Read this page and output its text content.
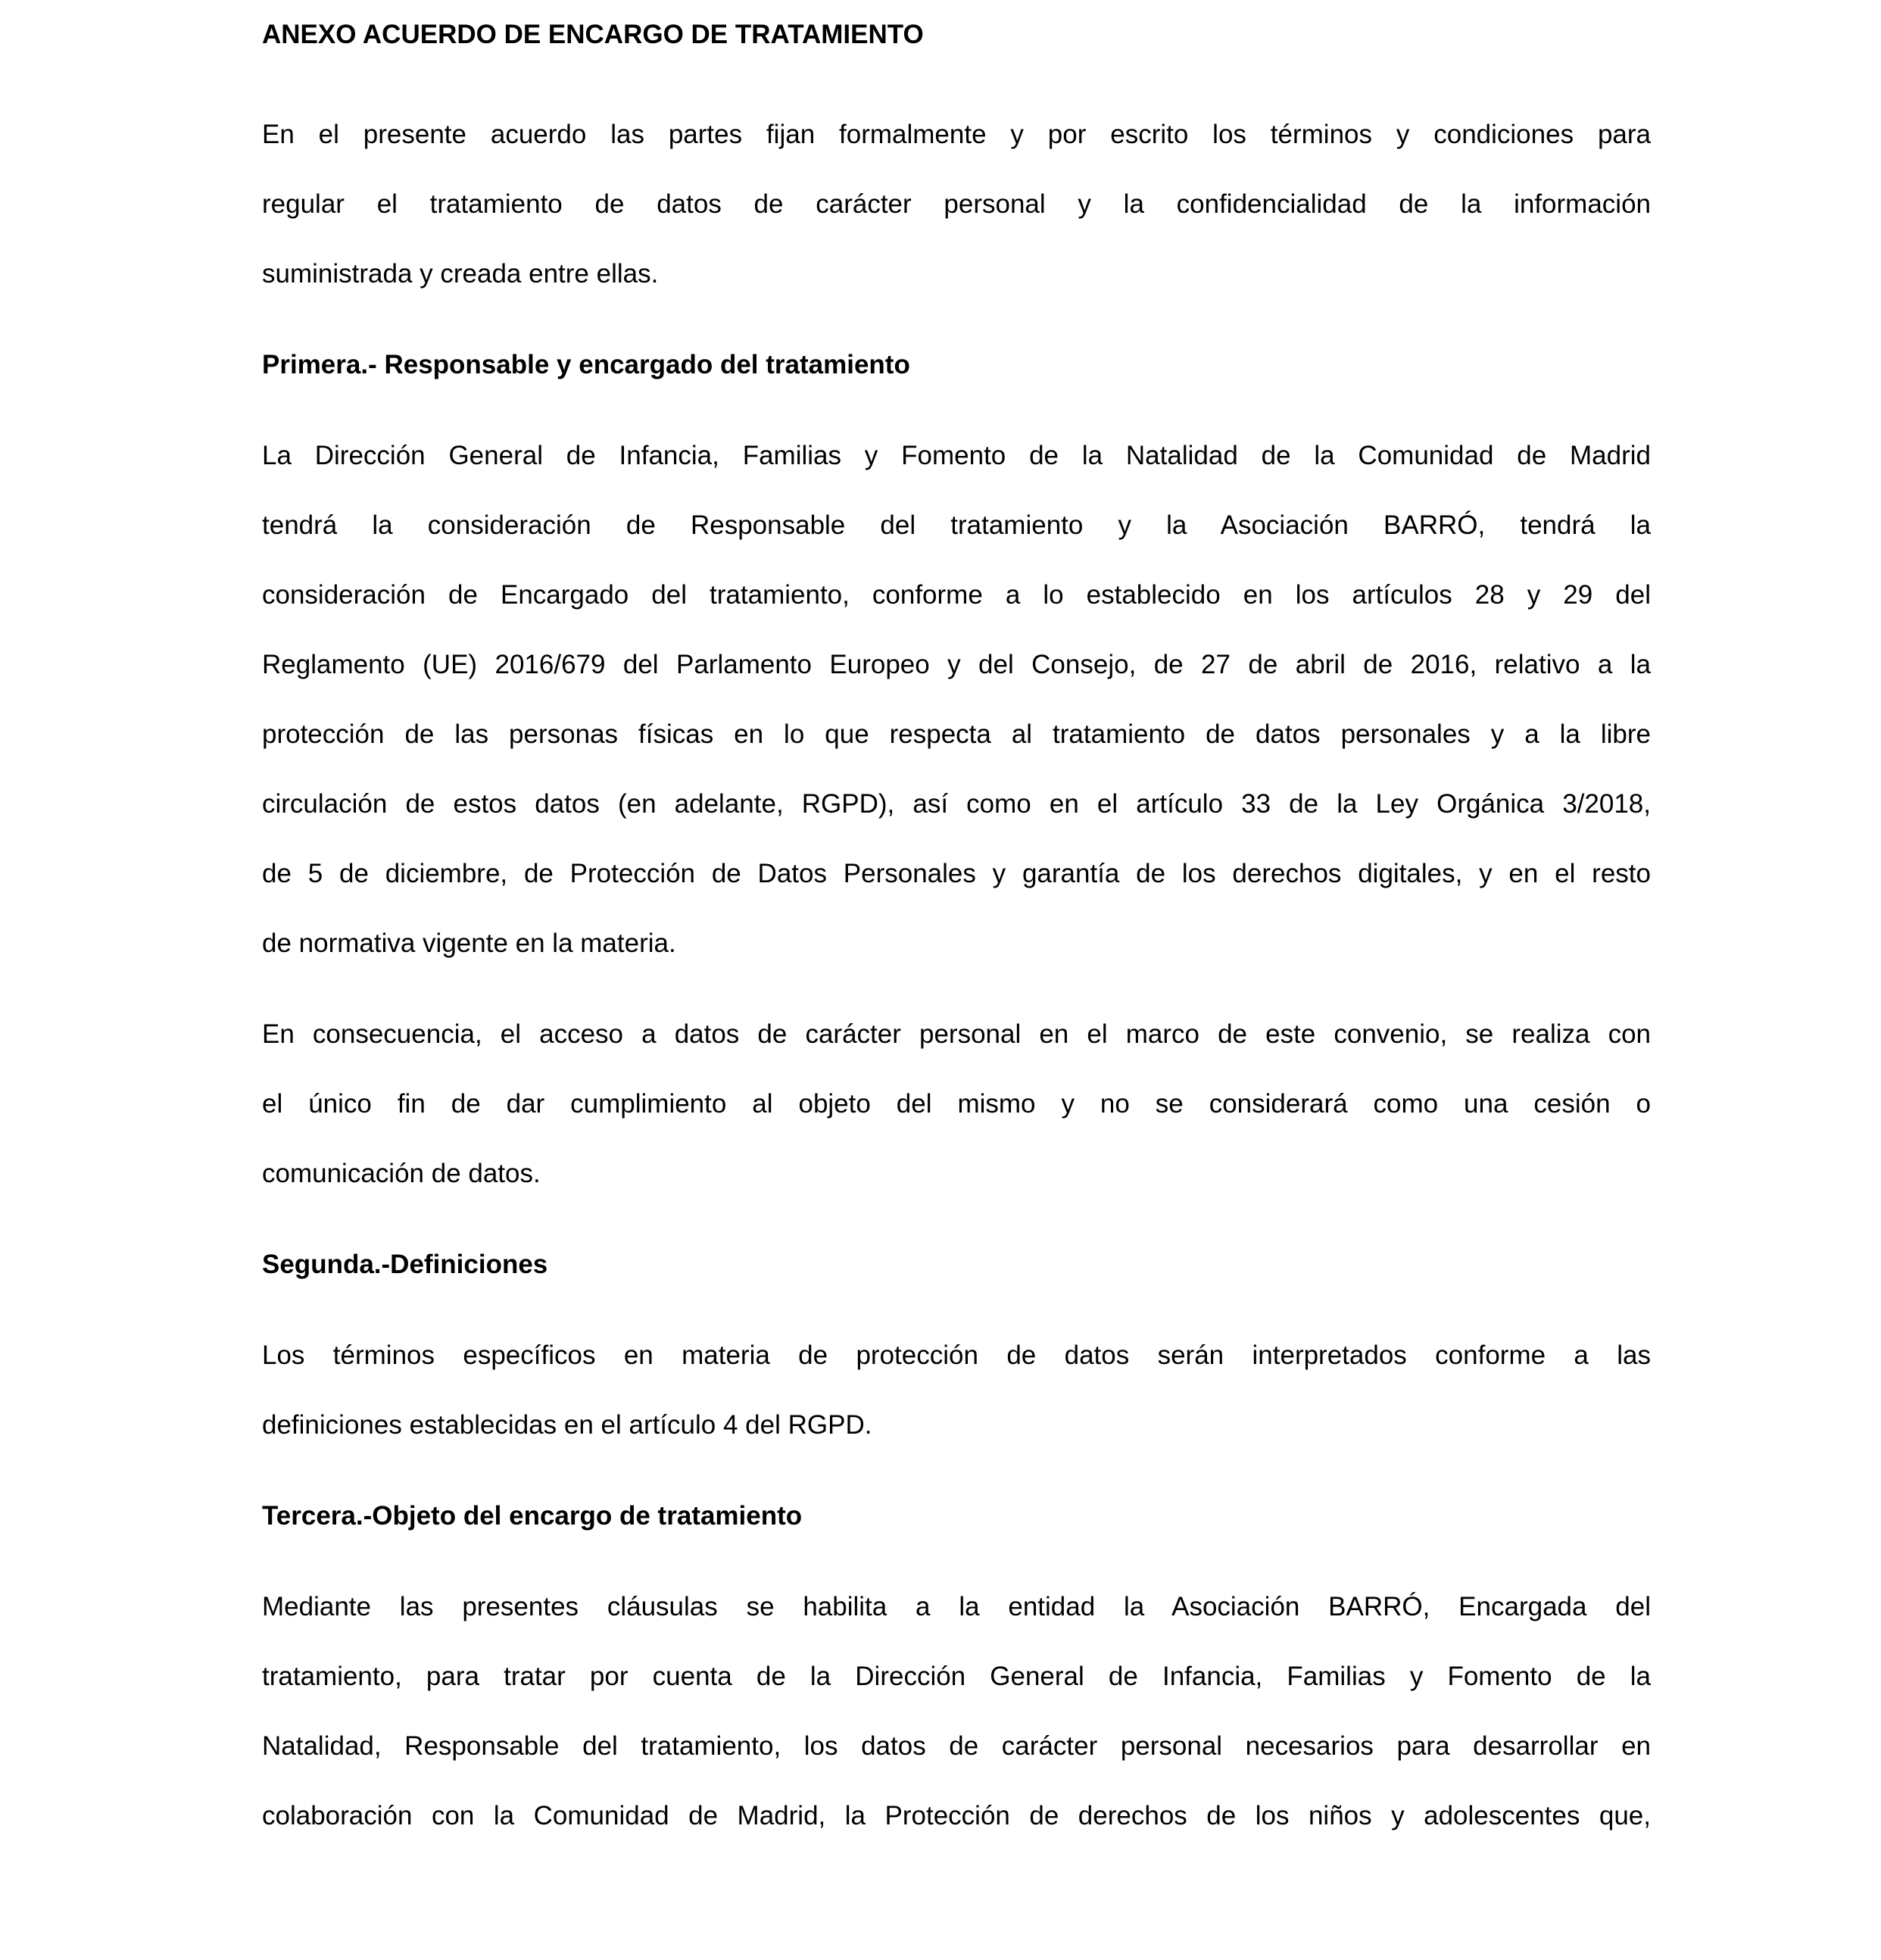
ANEXO ACUERDO DE ENCARGO DE TRATAMIENTO
En el presente acuerdo las partes fijan formalmente y por escrito los términos y condiciones para
regular el tratamiento de datos de carácter personal y la confidencialidad de la información
suministrada y creada entre ellas.
Primera.- Responsable y encargado del tratamiento
La Dirección General de Infancia, Familias y Fomento de la Natalidad de la Comunidad de Madrid
tendrá la consideración de Responsable del tratamiento y la Asociación BARRÓ, tendrá la
consideración de Encargado del tratamiento, conforme a lo establecido en los artículos 28 y 29 del
Reglamento (UE) 2016/679 del Parlamento Europeo y del Consejo, de 27 de abril de 2016, relativo a la
protección de las personas físicas en lo que respecta al tratamiento de datos personales y a la libre
circulación de estos datos (en adelante, RGPD), así como en el artículo 33 de la Ley Orgánica 3/2018,
de 5 de diciembre, de Protección de Datos Personales y garantía de los derechos digitales, y en el resto
de normativa vigente en la materia.
En consecuencia, el acceso a datos de carácter personal en el marco de este convenio, se realiza con
el único fin de dar cumplimiento al objeto del mismo y no se considerará como una cesión o
comunicación de datos.
Segunda.-Definiciones
Los términos específicos en materia de protección de datos serán interpretados conforme a las
definiciones establecidas en el artículo 4 del RGPD.
Tercera.-Objeto del encargo de tratamiento
Mediante las presentes cláusulas se habilita a la entidad la Asociación BARRÓ, Encargada del
tratamiento, para tratar por cuenta de la Dirección General de Infancia, Familias y Fomento de la
Natalidad, Responsable del tratamiento, los datos de carácter personal necesarios para desarrollar en
colaboración con la Comunidad de Madrid, la Protección de derechos de los niños y adolescentes que,
